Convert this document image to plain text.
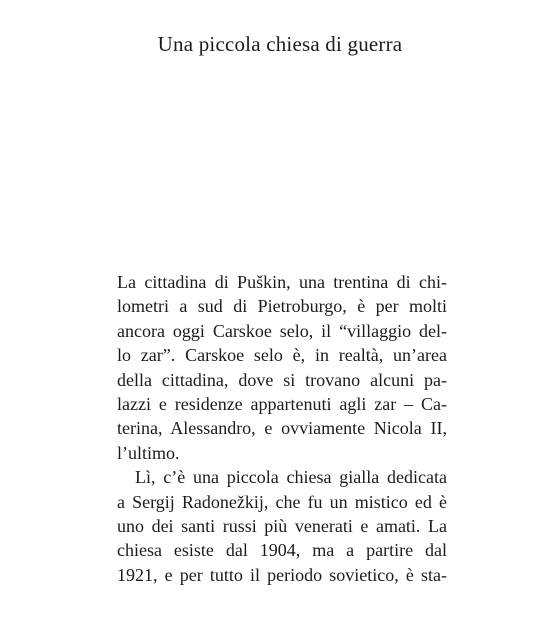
Una piccola chiesa di guerra
La cittadina di Puškin, una trentina di chi-
lometri a sud di Pietroburgo, è per molti
ancora oggi Carskoe selo, il “villaggio del-
lo zar”. Carskoe selo è, in realtà, un’area
della cittadina, dove si trovano alcuni pa-
lazzi e residenze appartenuti agli zar – Ca-
terina, Alessandro, e ovviamente Nicola II,
l’ultimo.
Lì, c’è una piccola chiesa gialla dedicata
a Sergij Radonežkij, che fu un mistico ed è
uno dei santi russi più venerati e amati. La
chiesa esiste dal 1904, ma a partire dal
1921, e per tutto il periodo sovietico, è sta-
